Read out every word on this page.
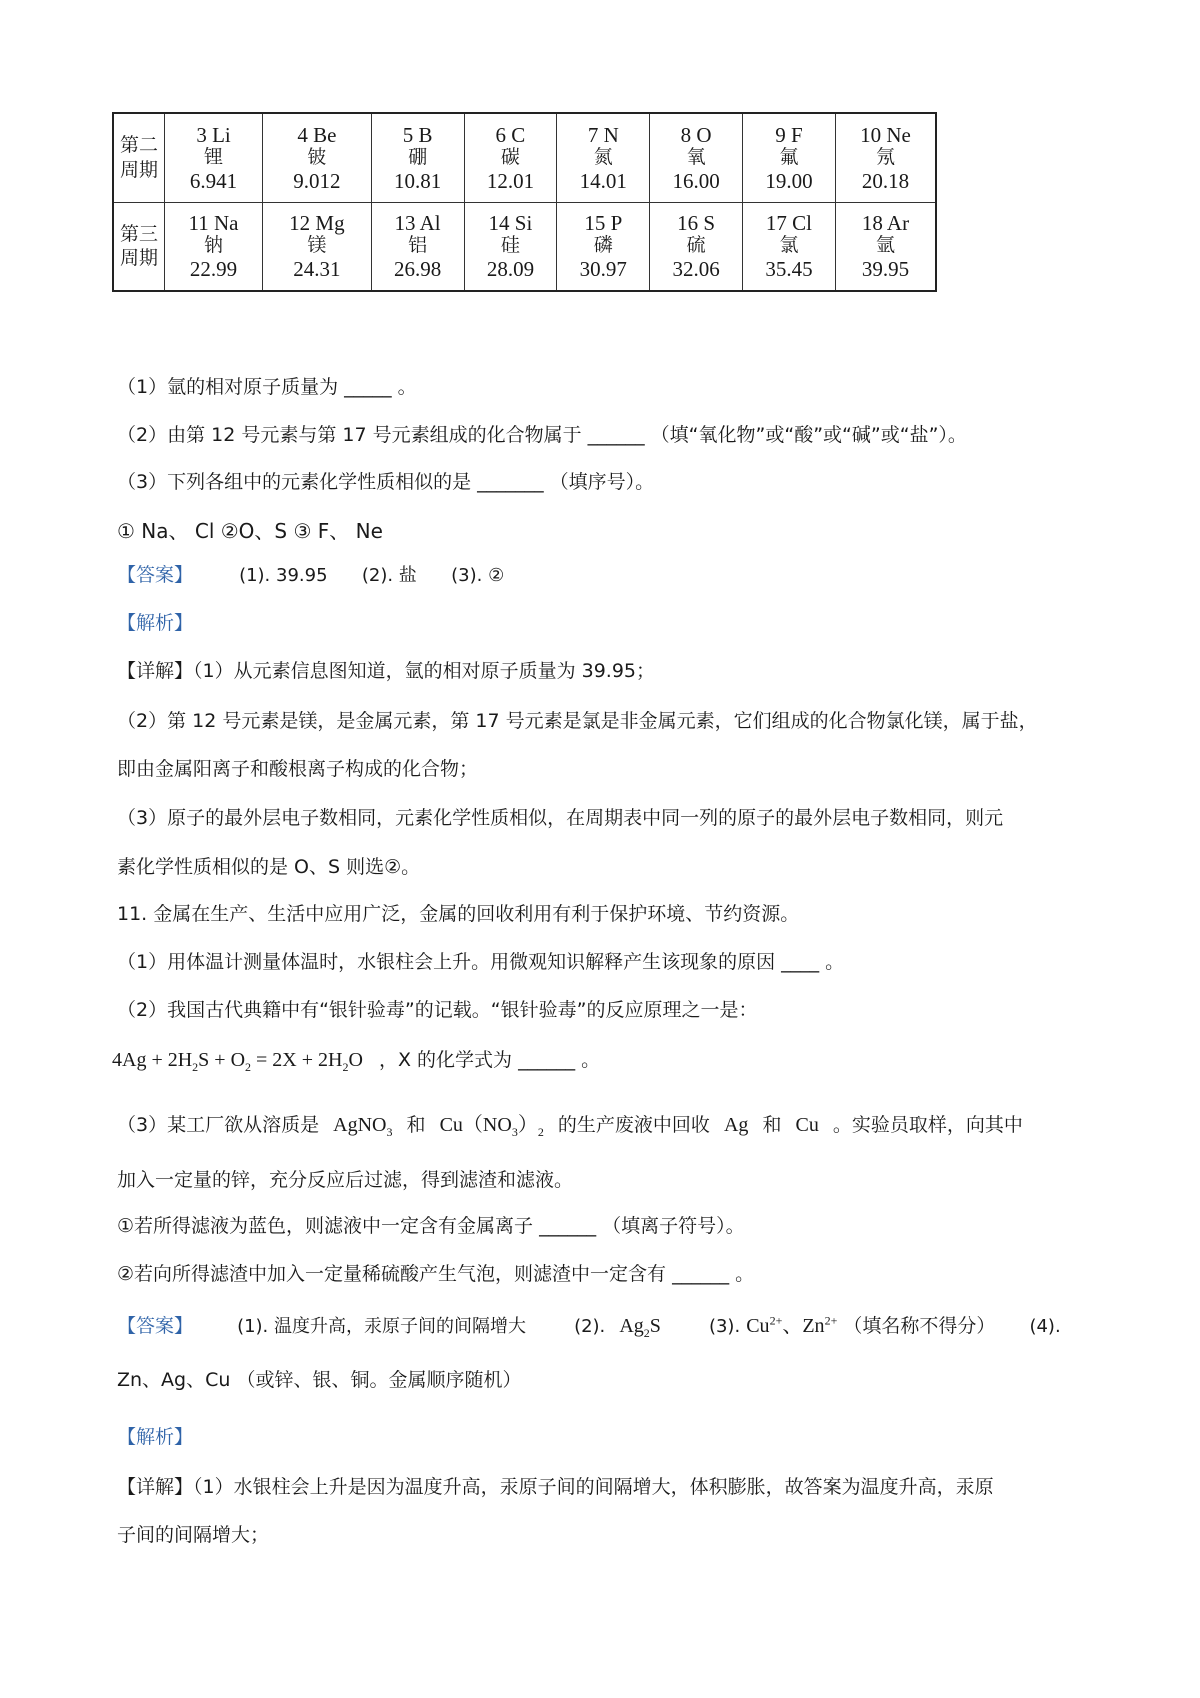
第二
周期	3 Li
锂
6.941	4 Be
铍
9.012	5 B
硼
10.81	6 C
碳
12.01	7 N
氮
14.01	8 O
氧
16.00	9 F
氟
19.00	10 Ne
氖
20.18

第三
周期	11 Na
钠
22.99	12 Mg
镁
24.31	13 Al
铝
26.98	14 Si
硅
28.09	15 P
磷
30.97	16 S
硫
32.06	17 Cl
氯
35.45	18 Ar
氩
39.95
（1）氩的相对原子质量为 _____ 。
（2）由第 12 号元素与第 17 号元素组成的化合物属于 ______ （填“氧化物”或“酸”或“碱”或“盐”）。
（3）下列各组中的元素化学性质相似的是 _______ （填序号）。
① Na、 Cl ②O、S ③ F、 Ne
【答案】	(1). 39.95      (2). 盐      (3). ②
【解析】
【详解】（1）从元素信息图知道，氩的相对原子质量为 39.95；
（2）第 12 号元素是镁，是金属元素，第 17 号元素是氯是非金属元素，它们组成的化合物氯化镁，属于盐，
即由金属阳离子和酸根离子构成的化合物；
（3）原子的最外层电子数相同，元素化学性质相似，在周期表中同一列的原子的最外层电子数相同，则元
素化学性质相似的是 O、S 则选②。
11. 金属在生产、生活中应用广泛，金属的回收利用有利于保护环境、节约资源。
（1）用体温计测量体温时，水银柱会上升。用微观知识解释产生该现象的原因 ____ 。
（2）我国古代典籍中有“银针验毒”的记载。“银针验毒”的反应原理之一是：
$4Ag + 2H_2S + O_2 = 2X + 2H_2O$ ，X 的化学式为 ______ 。
（3）某工厂欲从溶质是 AgNO$_3$ 和 $Cu(NO_3)_2$ 的生产废液中回收 Ag 和 Cu 。实验员取样，向其中
加入一定量的锌，充分反应后过滤，得到滤渣和滤液。
①若所得滤液为蓝色，则滤液中一定含有金属离子 ______ （填离子符号）。
②若向所得滤渣中加入一定量稀硫酸产生气泡，则滤渣中一定含有 ______ 。
【答案】 (1). 温度升高，汞原子间的间隔增大	(2). $Ag_2S$	(3). $Cu^{2+}$、$Zn^{2+}$ （填名称不得分） (4).
Zn、Ag、Cu （或锌、银、铜。金属顺序随机）
【解析】
【详解】（1）水银柱会上升是因为温度升高，汞原子间的间隔增大，体积膨胀，故答案为温度升高，汞原
子间的间隔增大；
